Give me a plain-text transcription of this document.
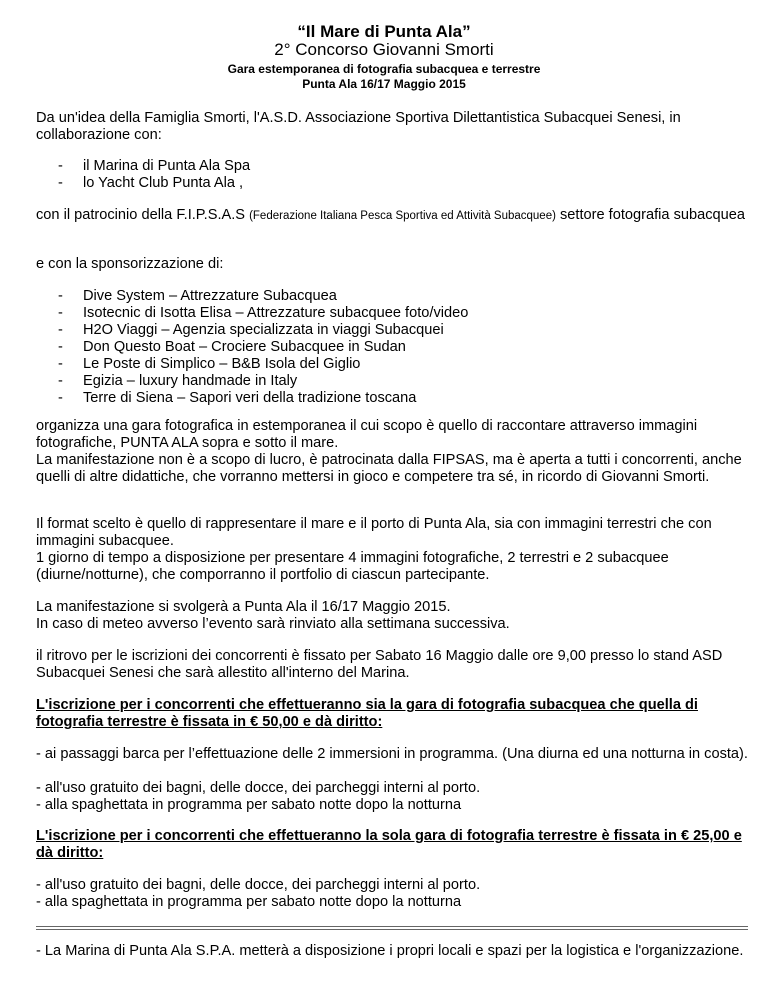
“Il Mare di Punta Ala”
2° Concorso Giovanni Smorti
Gara estemporanea di fotografia subacquea e terrestre
Punta Ala 16/17 Maggio 2015
Da un'idea della Famiglia Smorti, l'A.S.D. Associazione Sportiva Dilettantistica Subacquei Senesi, in collaborazione con:
- il Marina di Punta Ala Spa
- lo Yacht Club Punta Ala ,
con il patrocinio della F.I.P.S.A.S (Federazione Italiana Pesca Sportiva ed Attività Subacquee) settore fotografia subacquea
e con la sponsorizzazione di:
- Dive System – Attrezzature Subacquea
- Isotecnic di Isotta Elisa – Attrezzature subacquee foto/video
- H2O Viaggi – Agenzia specializzata in viaggi Subacquei
- Don Questo Boat – Crociere Subacquee in Sudan
- Le Poste di Simplico – B&B Isola del Giglio
- Egizia – luxury handmade in Italy
- Terre di Siena – Sapori veri della tradizione toscana
organizza una gara fotografica in estemporanea il cui scopo è quello di raccontare attraverso immagini fotografiche, PUNTA ALA sopra e sotto il mare.
La manifestazione non è a scopo di lucro, è patrocinata dalla FIPSAS, ma è aperta a tutti i concorrenti, anche quelli di altre didattiche, che vorranno mettersi in gioco e competere tra sé, in ricordo di Giovanni Smorti.
Il format scelto è quello di rappresentare il mare e il porto di Punta Ala, sia con immagini terrestri che con immagini subacquee.
1 giorno di tempo a disposizione per presentare 4 immagini fotografiche, 2 terrestri e 2 subacquee (diurne/notturne), che comporranno il portfolio di ciascun partecipante.
La manifestazione si svolgerà a Punta Ala il 16/17 Maggio 2015.
In caso di meteo avverso l’evento sarà rinviato alla settimana successiva.
il ritrovo per le iscrizioni dei concorrenti è fissato per Sabato 16 Maggio dalle ore 9,00 presso lo stand ASD Subacquei Senesi che sarà allestito all'interno del Marina.
L'iscrizione per i concorrenti che effettueranno sia la gara di fotografia subacquea che quella di fotografia terrestre è fissata in € 50,00 e dà diritto:
- ai passaggi barca per l’effettuazione delle 2 immersioni in programma. (Una diurna ed una notturna in costa).
- all'uso gratuito dei bagni, delle docce, dei parcheggi interni al porto.
- alla spaghettata in programma per sabato notte dopo la notturna
L'iscrizione per i concorrenti che effettueranno la sola gara di fotografia terrestre è fissata in € 25,00 e dà diritto:
- all'uso gratuito dei bagni, delle docce, dei parcheggi interni al porto.
- alla spaghettata in programma per sabato notte dopo la notturna
- La Marina di Punta Ala S.P.A. metterà a disposizione i propri locali e spazi per la logistica e l'organizzazione.
